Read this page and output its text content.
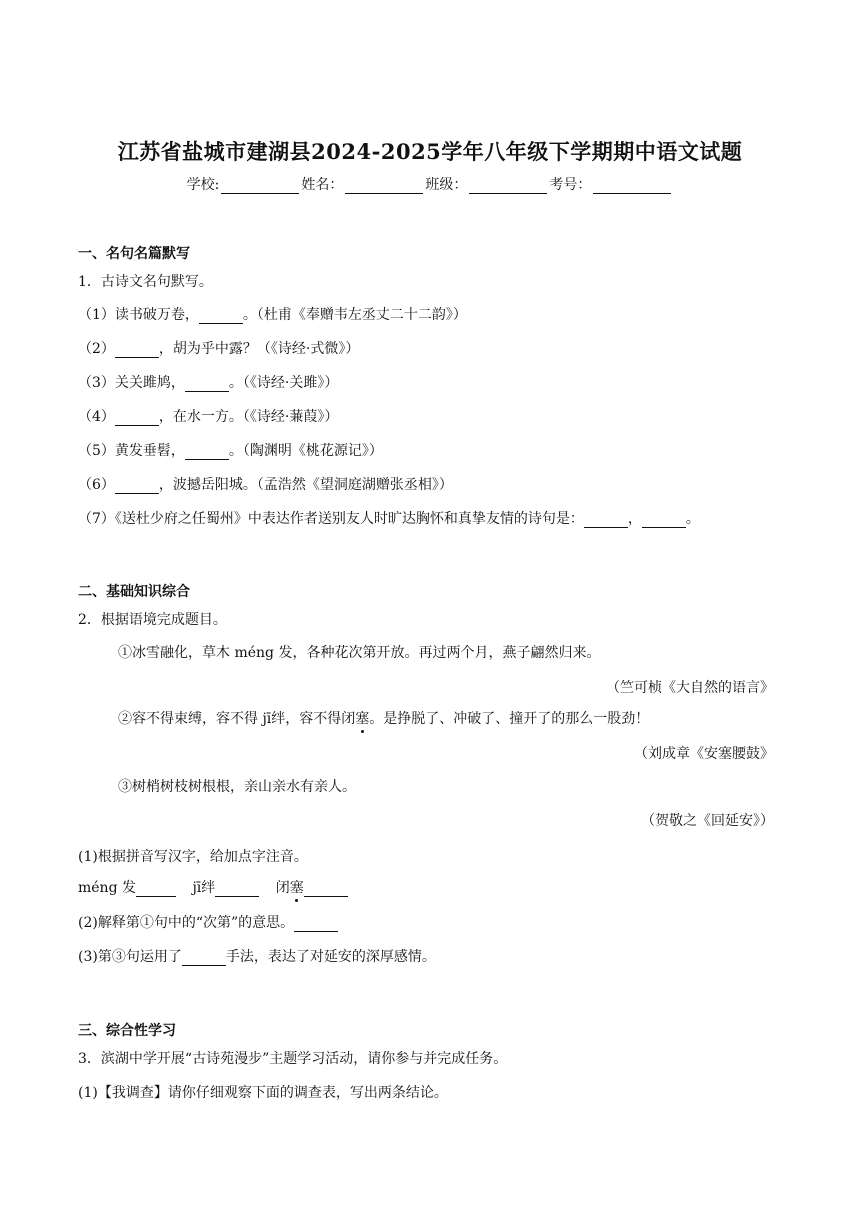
江苏省盐城市建湖县2024-2025学年八年级下学期期中语文试题
学校:	姓名：	班级：	考号：
一、名句名篇默写
1．古诗文名句默写。
（1）读书破万卷，	。（杜甫《奉赠韦左丞丈二十二韵》）
（2）	，胡为乎中露？（《诗经·式微》）
（3）关关雎鸠，	。（《诗经·关雎》）
（4）	，在水一方。（《诗经·蒹葭》）
（5）黄发垂髫，	。（陶渊明《桃花源记》）
（6）	，波撼岳阳城。（孟浩然《望洞庭湖赠张丞相》）
（7）《送杜少府之任蜀州》中表达作者送别友人时旷达胸怀和真挚友情的诗句是：	，	。
二、基础知识综合
2．根据语境完成题目。
①冰雪融化，草木 méng 发，各种花次第开放。再过两个月，燕子翩然归来。
（竺可桢《大自然的语言》
②容不得束缚，容不得 jī绊，容不得闭塞。是挣脱了、冲破了、撞开了的那么一股劲！
（刘成章《安塞腰鼓》
③树梢树枝树根根，亲山亲水有亲人。
（贺敬之《回延安》）
(1)根据拼音写汉字，给加点字注音。
méng 发	jī绊	闭塞
(2)解释第①句中的“次第”的意思。
(3)第③句运用了	手法，表达了对延安的深厚感情。
三、综合性学习
3．滨湖中学开展“古诗苑漫步”主题学习活动，请你参与并完成任务。
(1)【我调查】请你仔细观察下面的调查表，写出两条结论。
